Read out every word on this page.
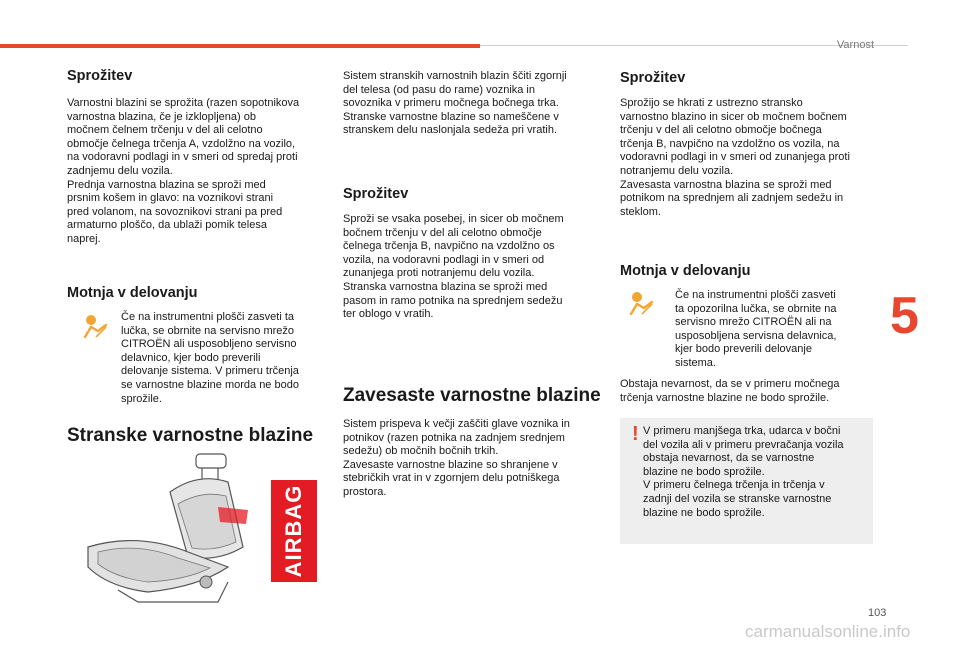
Varnost
Sprožitev

Varnostni blazini se sprožita (razen sopotnikova
varnostna blazina, če je izklopljena) ob
močnem čelnem trčenju v del ali celotno
območje čelnega trčenja A, vzdolžno na vozilo,
na vodoravni podlagi in v smeri od spredaj proti
zadnjemu delu vozila.
Prednja varnostna blazina se sproži med
prsnim košem in glavo: na voznikovi strani
pred volanom, na sovoznikovi strani pa pred
armaturno ploščo, da ublaži pomik telesa
naprej.

Motnja v delovanju

Če na instrumentni plošči zasveti ta
lučka, se obrnite na servisno mrežo
CITROËN ali usposobljeno servisno
delavnico, kjer bodo preverili
delovanje sistema. V primeru trčenja
se varnostne blazine morda ne bodo
sprožile.

Stranske varnostne blazine
AIRBAG

Sistem stranskih varnostnih blazin ščiti zgornji
del telesa (od pasu do rame) voznika in
sovoznika v primeru močnega bočnega trka.
Stranske varnostne blazine so nameščene v
stranskem delu naslonjala sedeža pri vratih.

Sprožitev

Sproži se vsaka posebej, in sicer ob močnem
bočnem trčenju v del ali celotno območje
čelnega trčenja B, navpično na vzdolžno os
vozila, na vodoravni podlagi in v smeri od
zunanjega proti notranjemu delu vozila.
Stranska varnostna blazina se sproži med
pasom in ramo potnika na sprednjem sedežu
ter oblogo v vratih.

Zavesaste varnostne blazine

Sistem prispeva k večji zaščiti glave voznika in
potnikov (razen potnika na zadnjem srednjem
sedežu) ob močnih bočnih trkih.
Zavesaste varnostne blazine so shranjene v
stebričkih vrat in v zgornjem delu potniškega
prostora.

Sprožitev

Sprožijo se hkrati z ustrezno stransko
varnostno blazino in sicer ob močnem bočnem
trčenju v del ali celotno območje bočnega
trčenja B, navpično na vzdolžno os vozila, na
vodoravni podlagi in v smeri od zunanjega proti
notranjemu delu vozila.
Zavesasta varnostna blazina se sproži med
potnikom na sprednjem ali zadnjem sedežu in
steklom.

Motnja v delovanju

Če na instrumentni plošči zasveti
ta opozorilna lučka, se obrnite na
servisno mrežo CITROËN ali na
usposobljena servisna delavnica,
kjer bodo preverili delovanje
sistema.

Obstaja nevarnost, da se v primeru močnega
trčenja varnostne blazine ne bodo sprožile.

! V primeru manjšega trka, udarca v bočni
del vozila ali v primeru prevračanja vozila
obstaja nevarnost, da se varnostne
blazine ne bodo sprožile.
V primeru čelnega trčenja in trčenja v
zadnji del vozila se stranske varnostne
blazine ne bodo sprožile.

5
103
carmanualsonline.info
